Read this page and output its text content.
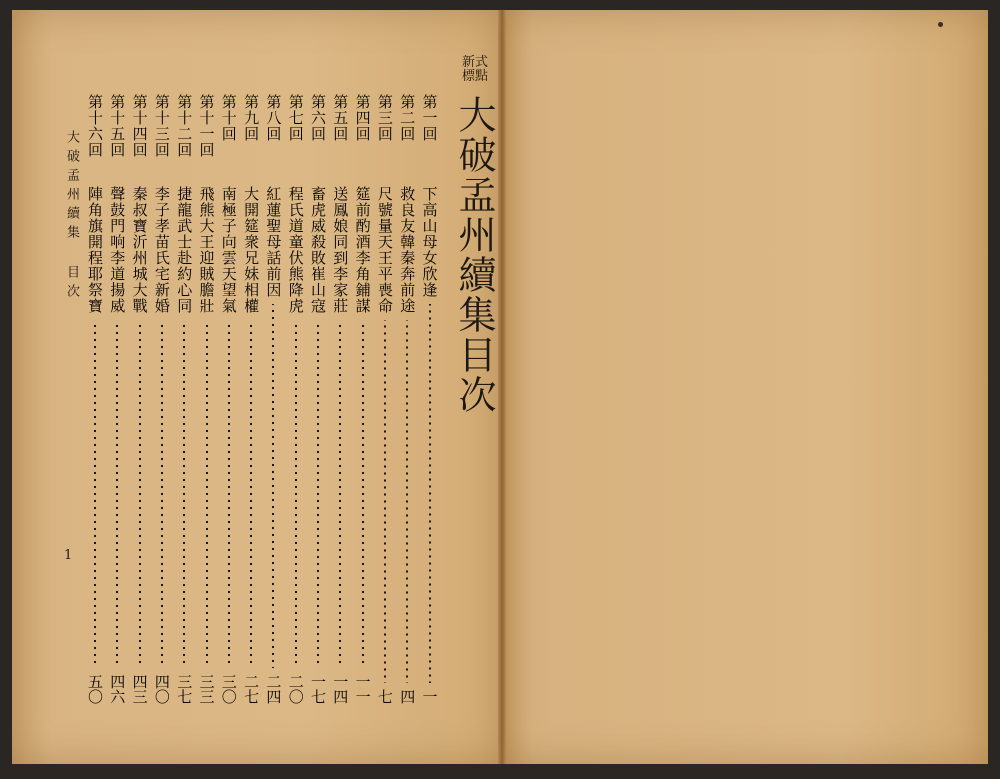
新式
標點
大破孟州續集目次
第一回
下高山母女欣逢
一
第二回
救良友韓秦奔前途
四
第三回
尺號量天王平喪命
七
第四回
筵前酌酒李角鋪謀
一一
第五回
送鳳娘同到李家莊
一四
第六回
畜虎威殺敗崔山寇
一七
第七回
程氏道童伏熊降虎
二〇
第八回
紅蓮聖母話前因
二四
第九回
大開筵衆兄妹相權
二七
第十回
南極子向雲天望氣
三〇
第十一回
飛熊大王迎賊膽壯
三三
第十二回
捷龍武士赴約心同
三七
第十三回
李子孝苗氏宅新婚
四〇
第十四回
秦叔寶沂州城大戰
四三
第十五回
聲鼓門响李道揚威
四六
第十六回
陣角旗開程耶祭寶
五〇
大破孟州續集 目次
1
